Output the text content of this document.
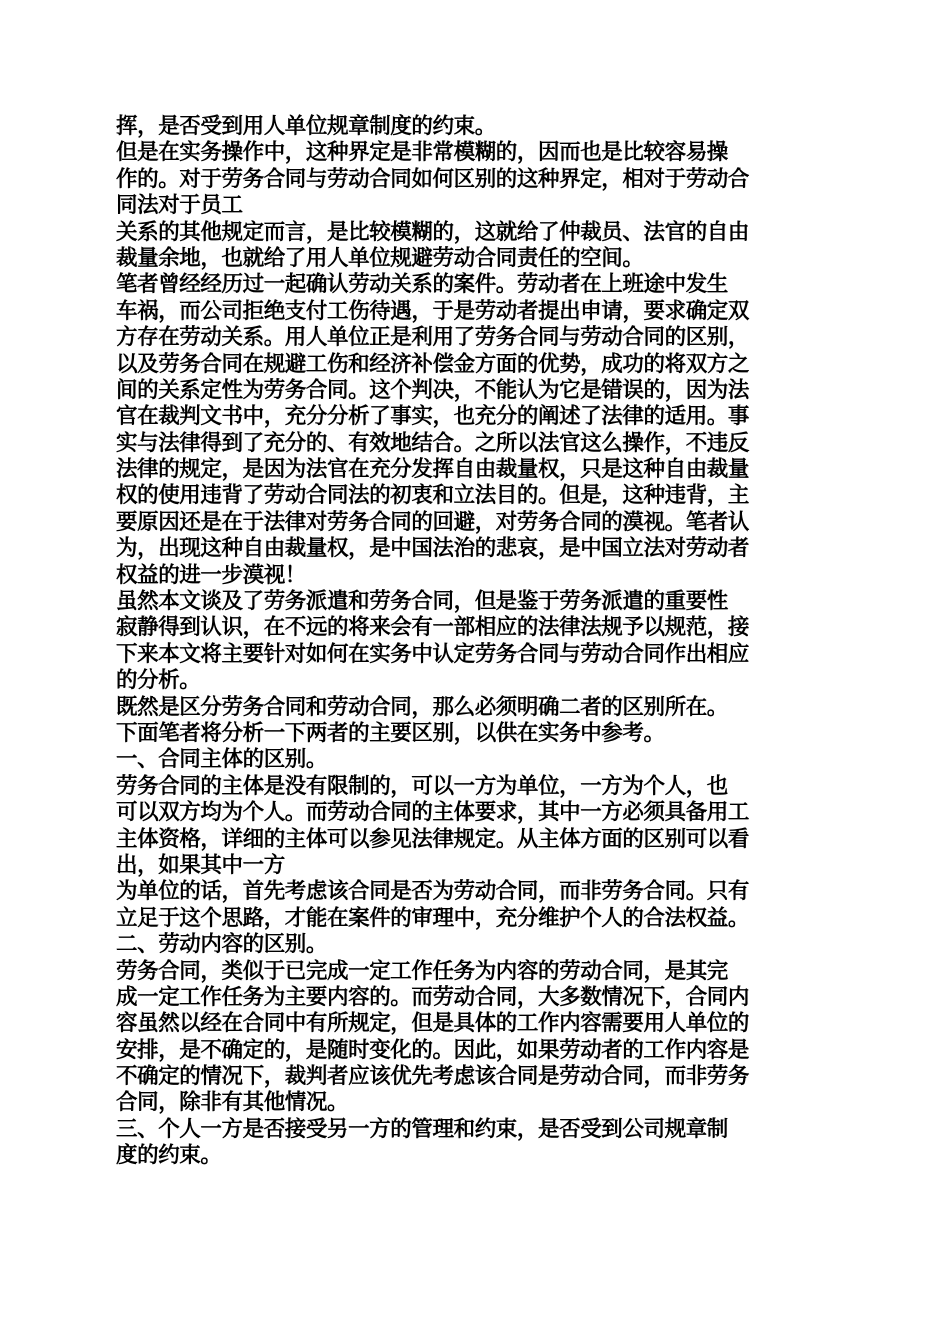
挥，是否受到用人单位规章制度的约束。
但是在实务操作中，这种界定是非常模糊的，因而也是比较容易操
作的。对于劳务合同与劳动合同如何区别的这种界定，相对于劳动合
同法对于员工
关系的其他规定而言，是比较模糊的，这就给了仲裁员、法官的自由
裁量余地，也就给了用人单位规避劳动合同责任的空间。
笔者曾经经历过一起确认劳动关系的案件。劳动者在上班途中发生
车祸，而公司拒绝支付工伤待遇，于是劳动者提出申请，要求确定双
方存在劳动关系。用人单位正是利用了劳务合同与劳动合同的区别，
以及劳务合同在规避工伤和经济补偿金方面的优势，成功的将双方之
间的关系定性为劳务合同。这个判决，不能认为它是错误的，因为法
官在裁判文书中，充分分析了事实，也充分的阐述了法律的适用。事
实与法律得到了充分的、有效地结合。之所以法官这么操作，不违反
法律的规定，是因为法官在充分发挥自由裁量权，只是这种自由裁量
权的使用违背了劳动合同法的初衷和立法目的。但是，这种违背，主
要原因还是在于法律对劳务合同的回避，对劳务合同的漠视。笔者认
为，出现这种自由裁量权，是中国法治的悲哀，是中国立法对劳动者
权益的进一步漠视！
虽然本文谈及了劳务派遣和劳务合同，但是鉴于劳务派遣的重要性
寂静得到认识，在不远的将来会有一部相应的法律法规予以规范，接
下来本文将主要针对如何在实务中认定劳务合同与劳动合同作出相应
的分析。
既然是区分劳务合同和劳动合同，那么必须明确二者的区别所在。
下面笔者将分析一下两者的主要区别，以供在实务中参考。
一、合同主体的区别。
劳务合同的主体是没有限制的，可以一方为单位，一方为个人，也
可以双方均为个人。而劳动合同的主体要求，其中一方必须具备用工
主体资格，详细的主体可以参见法律规定。从主体方面的区别可以看
出，如果其中一方
为单位的话，首先考虑该合同是否为劳动合同，而非劳务合同。只有
立足于这个思路，才能在案件的审理中，充分维护个人的合法权益。
二、劳动内容的区别。
劳务合同，类似于已完成一定工作任务为内容的劳动合同，是其完
成一定工作任务为主要内容的。而劳动合同，大多数情况下，合同内
容虽然以经在合同中有所规定，但是具体的工作内容需要用人单位的
安排，是不确定的，是随时变化的。因此，如果劳动者的工作内容是
不确定的情况下，裁判者应该优先考虑该合同是劳动合同，而非劳务
合同，除非有其他情况。
三、个人一方是否接受另一方的管理和约束，是否受到公司规章制
度的约束。
